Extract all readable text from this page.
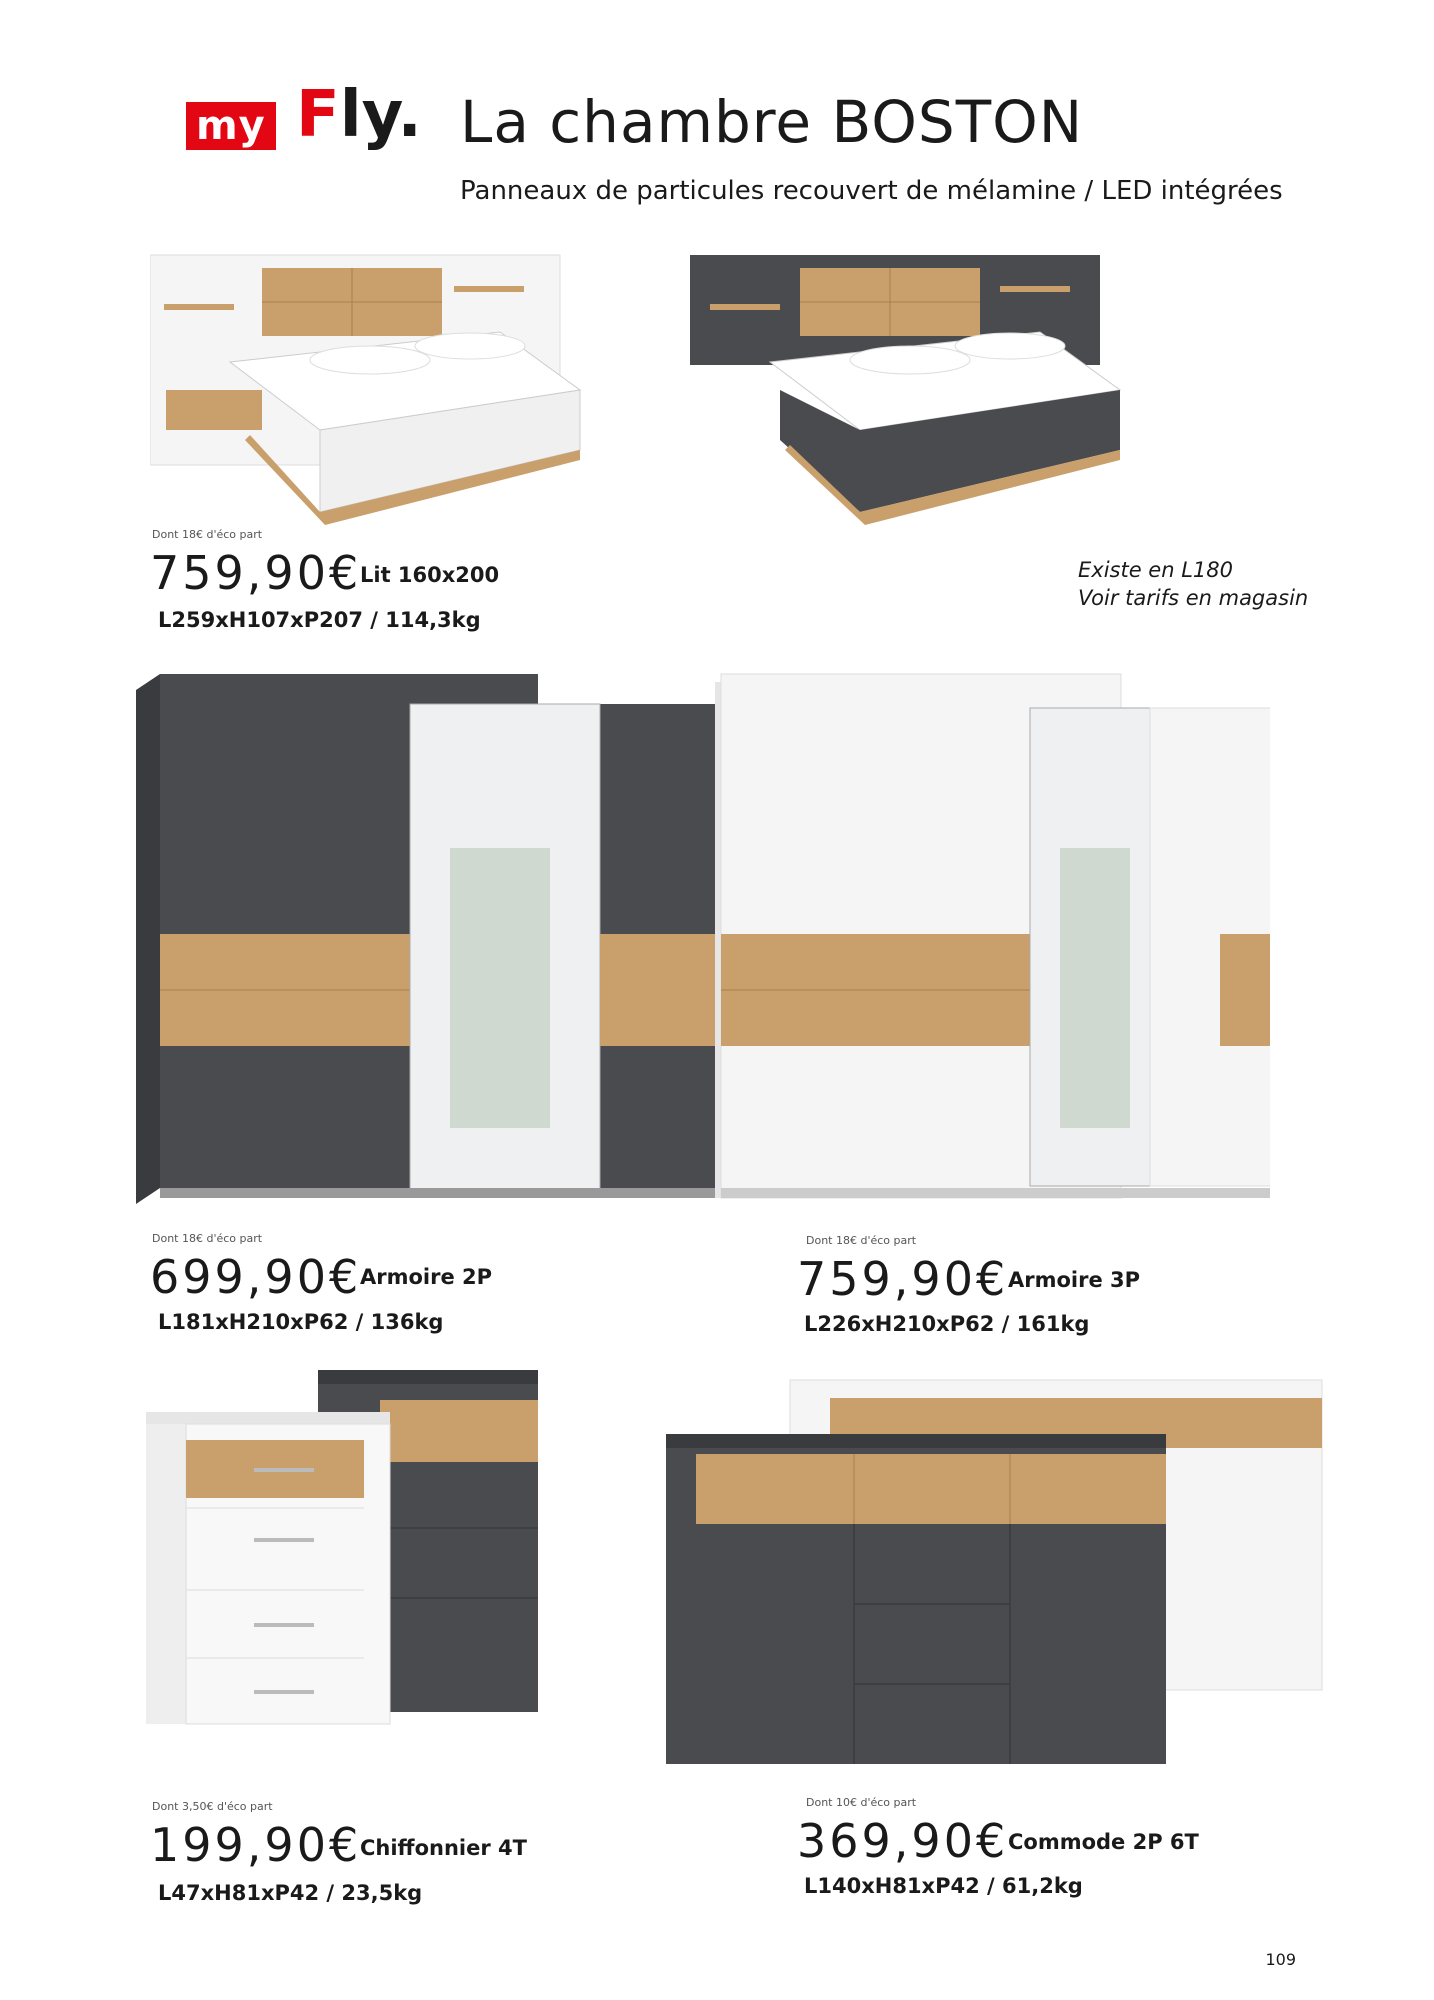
my Fly. La chambre BOSTON
Panneaux de particules recouvert de mélamine / LED intégrées
Dont 18€ d'éco part
759,90€
Lit 160x200
L259xH107xP207 / 114,3kg
Existe en L180
Voir tarifs en magasin
Dont 18€ d'éco part
699,90€
Armoire 2P
L181xH210xP62 / 136kg
Dont 18€ d'éco part
759,90€ Armoire 3P
L226xH210xP62 / 161kg
Dont 3,50€ d'éco part
199,90€
Chiffonnier 4T
L47xH81xP42 / 23,5kg
Dont 10€ d'éco part
369,90€ Commode 2P 6T
L140xH81xP42 / 61,2kg
109
